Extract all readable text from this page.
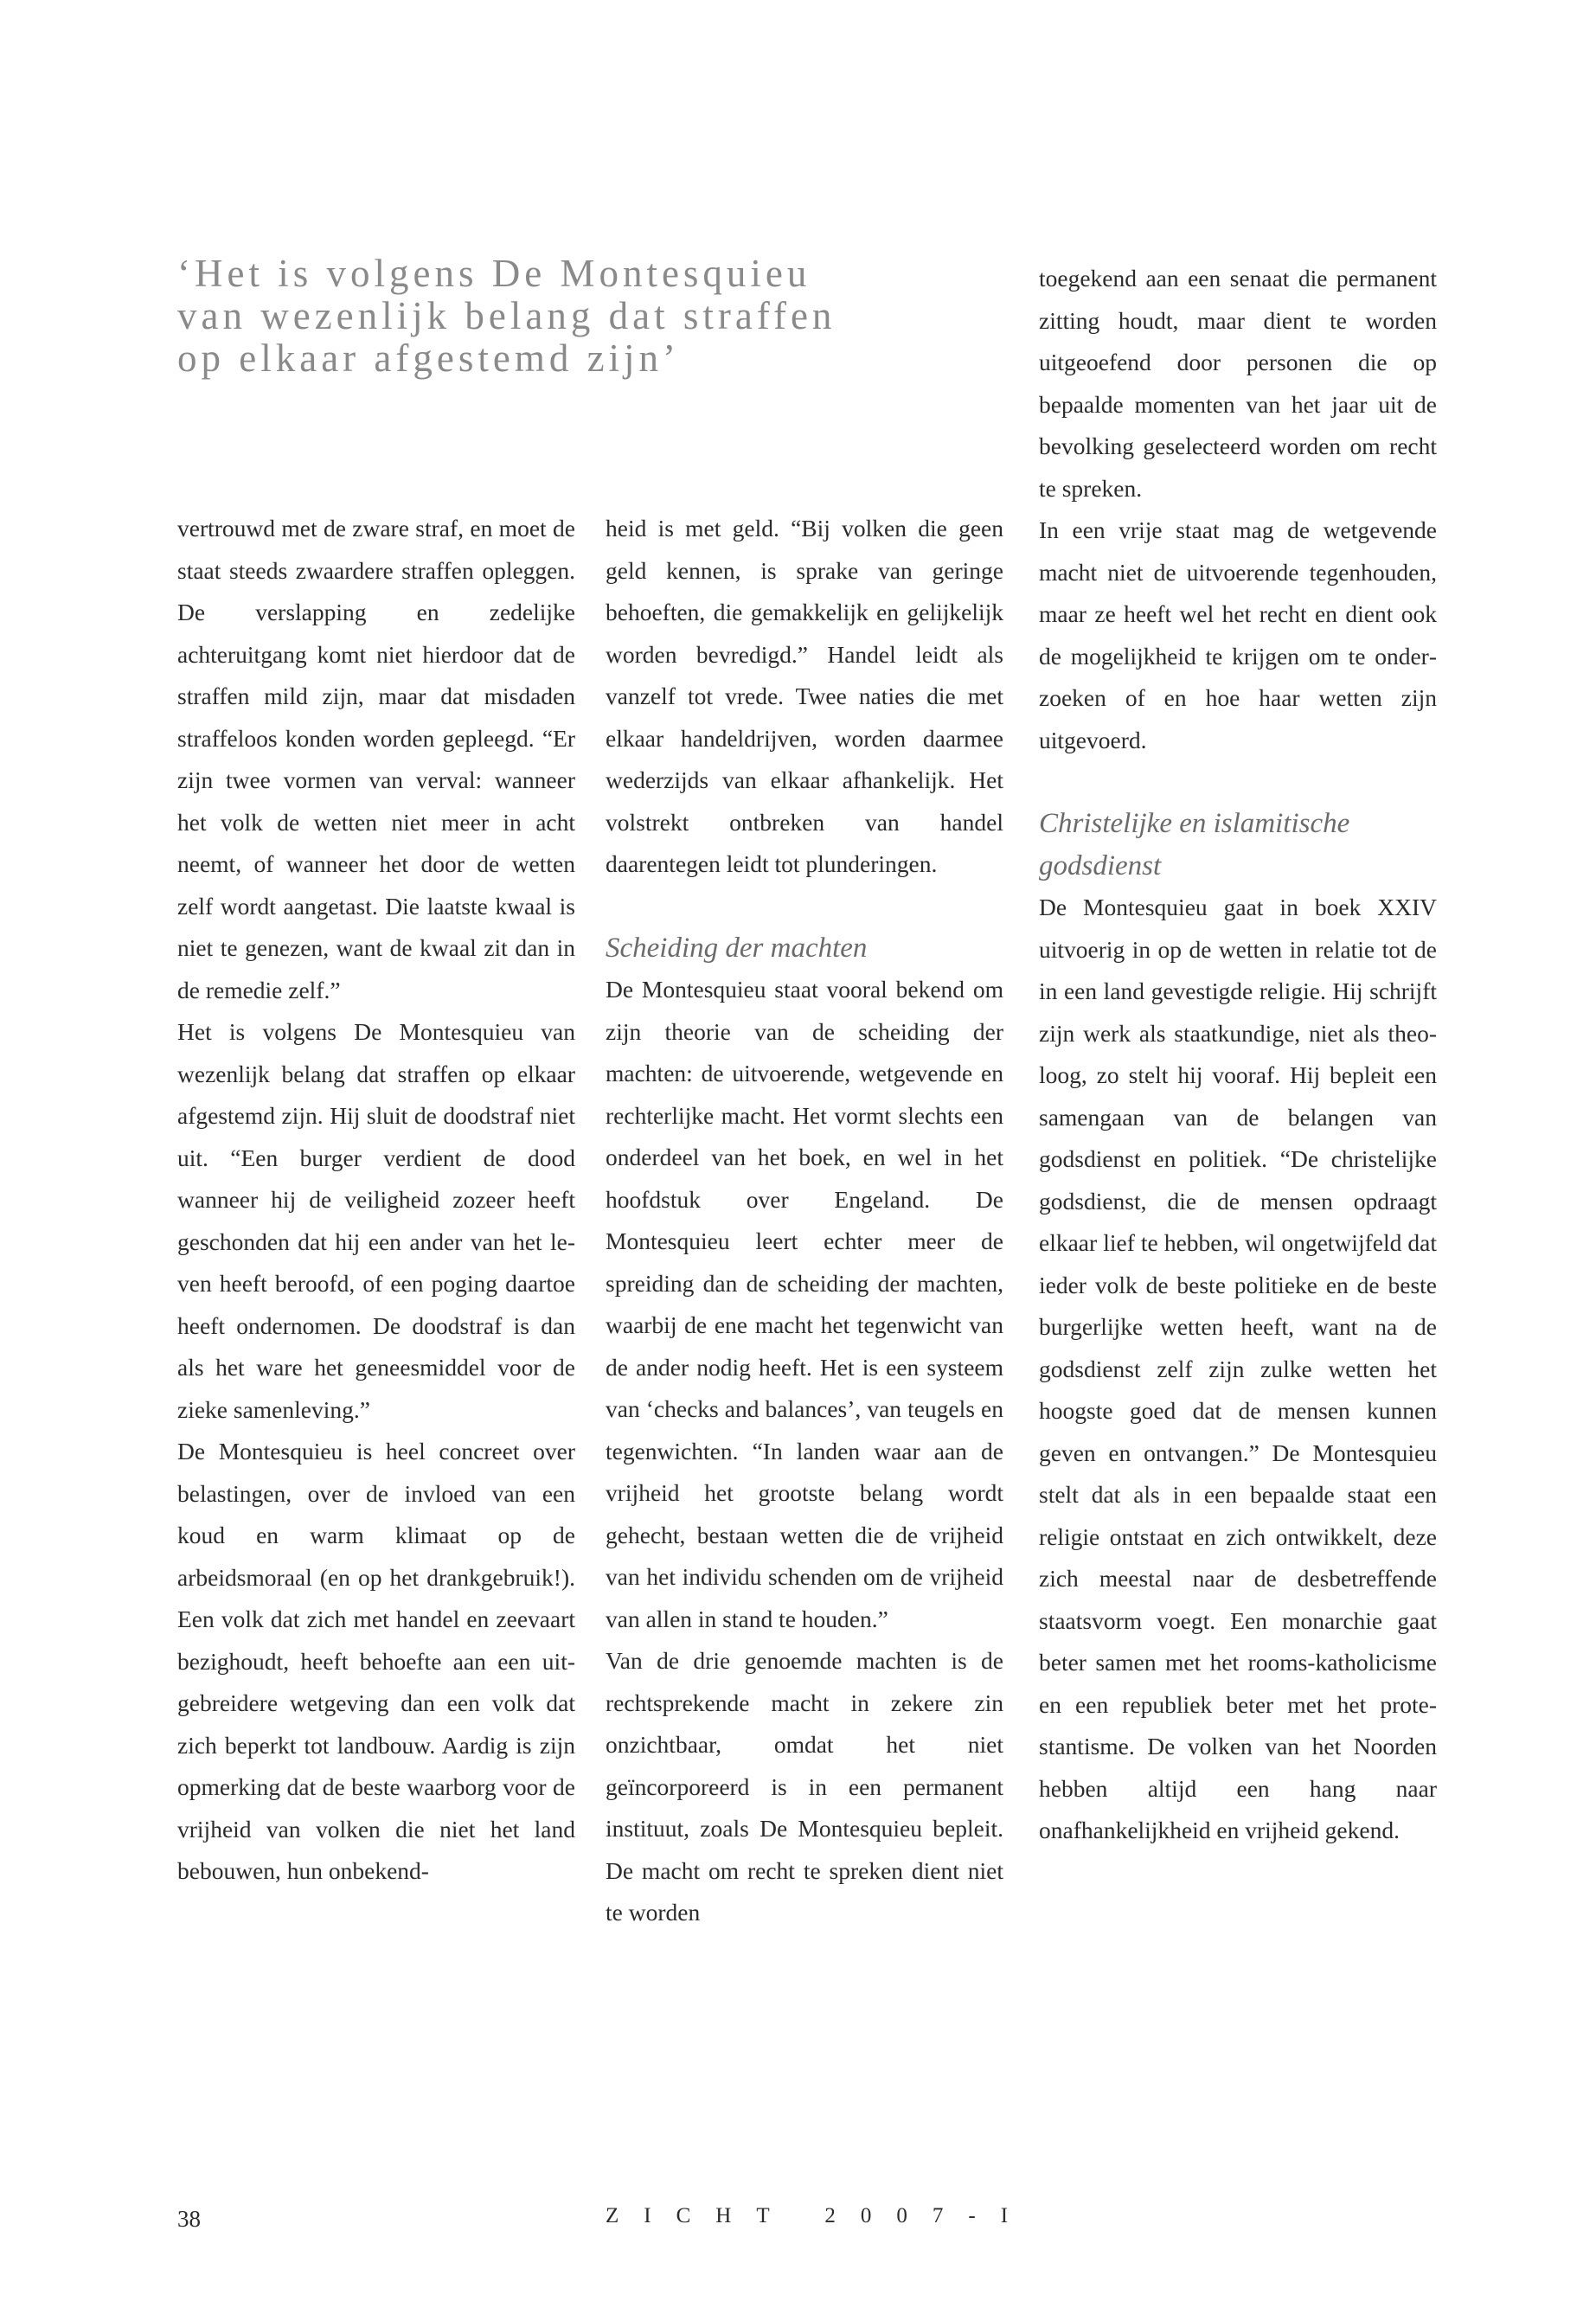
‘Het is volgens De Montesquieu
van wezenlijk belang dat straffen
op elkaar afgestemd zijn’

vertrouwd met de zware straf, en moet de staat steeds zwaardere straffen opleggen. De verslapping en zedelijke achteruitgang komt niet hierdoor dat de straffen mild zijn, maar dat misdaden straffeloos konden worden gepleegd. “Er zijn twee vormen van verval: wanneer het volk de wetten niet meer in acht neemt, of wanneer het door de wetten zelf wordt aangetast. Die laatste kwaal is niet te genezen, want de kwaal zit dan in de remedie zelf.”

Het is volgens De Montesquieu van wezenlijk belang dat straffen op elkaar afgestemd zijn. Hij sluit de doodstraf niet uit. “Een burger verdient de dood wanneer hij de veiligheid zozeer heeft geschonden dat hij een ander van het leven heeft beroofd, of een poging daartoe heeft ondernomen. De doodstraf is dan als het ware het geneesmiddel voor de zieke samenleving.”

De Montesquieu is heel concreet over belastingen, over de invloed van een koud en warm klimaat op de arbeidsmoraal (en op het drankgebruik!). Een volk dat zich met handel en zeevaart bezighoudt, heeft behoefte aan een uitgebreidere wetgeving dan een volk dat zich beperkt tot landbouw. Aardig is zijn opmerking dat de beste waarborg voor de vrijheid van volken die niet het land bebouwen, hun onbekend-

heid is met geld. “Bij volken die geen geld kennen, is sprake van geringe behoeften, die gemakkelijk en gelijkelijk worden bevredigd.” Handel leidt als vanzelf tot vrede. Twee naties die met elkaar handeldrijven, worden daarmee wederzijds van elkaar afhankelijk. Het volstrekt ontbreken van handel daarentegen leidt tot plunderingen.

Scheiding der machten

De Montesquieu staat vooral bekend om zijn theorie van de scheiding der machten: de uitvoerende, wetgevende en rechterlijke macht. Het vormt slechts een onderdeel van het boek, en wel in het hoofdstuk over Engeland. De Montesquieu leert echter meer de spreiding dan de scheiding der machten, waarbij de ene macht het tegenwicht van de ander nodig heeft. Het is een systeem van ‘checks and balances’, van teugels en tegenwichten. “In landen waar aan de vrijheid het grootste belang wordt gehecht, bestaan wetten die de vrijheid van het individu schenden om de vrijheid van allen in stand te houden.”

Van de drie genoemde machten is de rechtsprekende macht in zekere zin onzichtbaar, omdat het niet geïncorporeerd is in een permanent instituut, zoals De Montesquieu bepleit. De macht om recht te spreken dient niet te worden

toegekend aan een senaat die permanent zitting houdt, maar dient te worden uitgeoefend door personen die op bepaalde momenten van het jaar uit de bevolking geselecteerd worden om recht te spreken.

In een vrije staat mag de wetgevende macht niet de uitvoerende tegenhouden, maar ze heeft wel het recht en dient ook de mogelijkheid te krijgen om te onderzoeken of en hoe haar wetten zijn uitgevoerd.

Christelijke en islamitische godsdienst

De Montesquieu gaat in boek XXIV uitvoerig in op de wetten in relatie tot de in een land gevestigde religie. Hij schrijft zijn werk als staatkundige, niet als theoloog, zo stelt hij vooraf. Hij bepleit een samengaan van de belangen van godsdienst en politiek. “De christelijke godsdienst, die de mensen opdraagt elkaar lief te hebben, wil ongetwijfeld dat ieder volk de beste politieke en de beste burgerlijke wetten heeft, want na de godsdienst zelf zijn zulke wetten het hoogste goed dat de mensen kunnen geven en ontvangen.” De Montesquieu stelt dat als in een bepaalde staat een religie ontstaat en zich ontwikkelt, deze zich meestal naar de desbetreffende staatsvorm voegt. Een monarchie gaat beter samen met het rooms-katholicisme en een republiek beter met het protestantisme. De volken van het Noorden hebben altijd een hang naar onafhankelijkheid en vrijheid gekend.

38	ZICHT 2007-I
